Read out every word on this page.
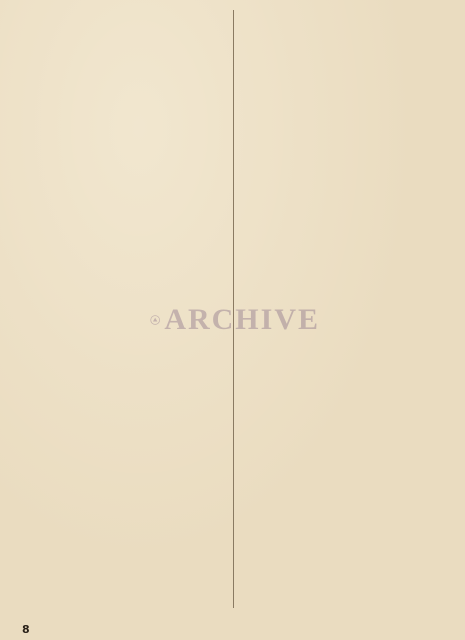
ARCHIVE
8
